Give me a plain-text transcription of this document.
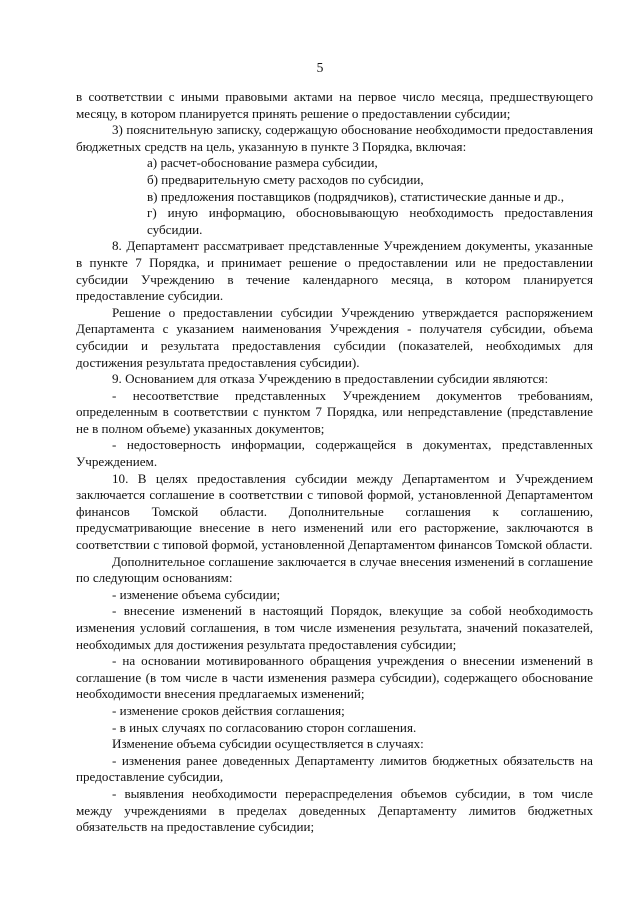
5

в соответствии с иными правовыми актами на первое число месяца, предшествующего месяцу, в котором планируется принять решение о предоставлении субсидии;

3) пояснительную записку, содержащую обоснование необходимости предоставления бюджетных средств на цель, указанную в пункте 3 Порядка, включая:

а) расчет-обоснование размера субсидии,

б) предварительную смету расходов по субсидии,

в) предложения поставщиков (подрядчиков), статистические данные и др.,

г) иную информацию, обосновывающую необходимость предоставления субсидии.

8. Департамент рассматривает представленные Учреждением документы, указанные в пункте 7 Порядка, и принимает решение о предоставлении или не предоставлении субсидии Учреждению в течение календарного месяца, в котором планируется предоставление субсидии.

Решение о предоставлении субсидии Учреждению утверждается распоряжением Департамента с указанием наименования Учреждения - получателя субсидии, объема субсидии и результата предоставления субсидии (показателей, необходимых для достижения результата предоставления субсидии).

9. Основанием для отказа Учреждению в предоставлении субсидии являются:

- несоответствие представленных Учреждением документов требованиям, определенным в соответствии с пунктом 7 Порядка, или непредставление (представление не в полном объеме) указанных документов;

- недостоверность информации, содержащейся в документах, представленных Учреждением.

10. В целях предоставления субсидии между Департаментом и Учреждением заключается соглашение в соответствии с типовой формой, установленной Департаментом финансов Томской области. Дополнительные соглашения к соглашению, предусматривающие внесение в него изменений или его расторжение, заключаются в соответствии с типовой формой, установленной Департаментом финансов Томской области.

Дополнительное соглашение заключается в случае внесения изменений в соглашение по следующим основаниям:

- изменение объема субсидии;

- внесение изменений в настоящий Порядок, влекущие за собой необходимость изменения условий соглашения, в том числе изменения результата, значений показателей, необходимых для достижения результата предоставления субсидии;

- на основании мотивированного обращения учреждения о внесении изменений в соглашение (в том числе в части изменения размера субсидии), содержащего обоснование необходимости внесения предлагаемых изменений;

- изменение сроков действия соглашения;

- в иных случаях по согласованию сторон соглашения.

Изменение объема субсидии осуществляется в случаях:

- изменения ранее доведенных Департаменту лимитов бюджетных обязательств на предоставление субсидии,

- выявления необходимости перераспределения объемов субсидии, в том числе между учреждениями в пределах доведенных Департаменту лимитов бюджетных обязательств на предоставление субсидии;
